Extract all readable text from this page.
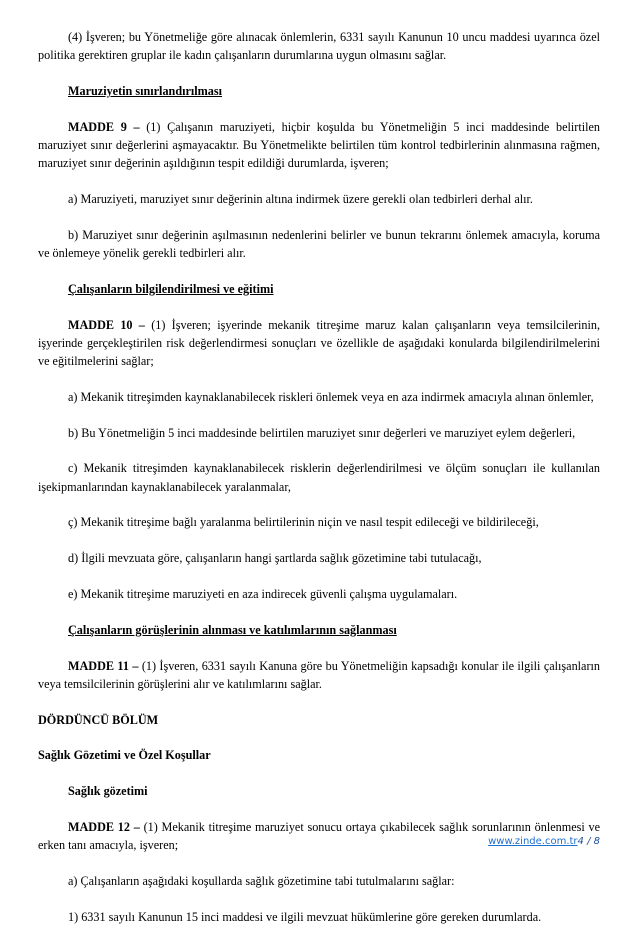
(4) İşveren; bu Yönetmeliğe göre alınacak önlemlerin, 6331 sayılı Kanunun 10 uncu maddesi uyarınca özel politika gerektiren gruplar ile kadın çalışanların durumlarına uygun olmasını sağlar.

Maruziyetin sınırlandırılması

MADDE 9 – (1) Çalışanın maruziyeti, hiçbir koşulda bu Yönetmeliğin 5 inci maddesinde belirtilen maruziyet sınır değerlerini aşmayacaktır. Bu Yönetmelikte belirtilen tüm kontrol tedbirlerinin alınmasına rağmen, maruziyet sınır değerinin aşıldığının tespit edildiği durumlarda, işveren;

a) Maruziyeti, maruziyet sınır değerinin altına indirmek üzere gerekli olan tedbirleri derhal alır.

b) Maruziyet sınır değerinin aşılmasının nedenlerini belirler ve bunun tekrarını önlemek amacıyla, koruma ve önlemeye yönelik gerekli tedbirleri alır.

Çalışanların bilgilendirilmesi ve eğitimi

MADDE 10 – (1) İşveren; işyerinde mekanik titreşime maruz kalan çalışanların veya temsilcilerinin, işyerinde gerçekleştirilen risk değerlendirmesi sonuçları ve özellikle de aşağıdaki konularda bilgilendirilmelerini ve eğitilmelerini sağlar;

a) Mekanik titreşimden kaynaklanabilecek riskleri önlemek veya en aza indirmek amacıyla alınan önlemler,

b) Bu Yönetmeliğin 5 inci maddesinde belirtilen maruziyet sınır değerleri ve maruziyet eylem değerleri,

c) Mekanik titreşimden kaynaklanabilecek risklerin değerlendirilmesi ve ölçüm sonuçları ile kullanılan işekipmanlarından kaynaklanabilecek yaralanmalar,

ç) Mekanik titreşime bağlı yaralanma belirtilerinin niçin ve nasıl tespit edileceği ve bildirileceği,

d) İlgili mevzuata göre, çalışanların hangi şartlarda sağlık gözetimine tabi tutulacağı,

e) Mekanik titreşime maruziyeti en aza indirecek güvenli çalışma uygulamaları.

Çalışanların görüşlerinin alınması ve katılımlarının sağlanması

MADDE 11 – (1) İşveren, 6331 sayılı Kanuna göre bu Yönetmeliğin kapsadığı konular ile ilgili çalışanların veya temsilcilerinin görüşlerini alır ve katılımlarını sağlar.

DÖRDÜNCÜ BÖLÜM

Sağlık Gözetimi ve Özel Koşullar

Sağlık gözetimi

MADDE 12 – (1) Mekanik titreşime maruziyet sonucu ortaya çıkabilecek sağlık sorunlarının önlenmesi ve erken tanı amacıyla, işveren;

a) Çalışanların aşağıdaki koşullarda sağlık gözetimine tabi tutulmalarını sağlar:

1) 6331 sayılı Kanunun 15 inci maddesi ve ilgili mevzuat hükümlerine göre gereken durumlarda.

www.zinde.com.tr4 / 8
